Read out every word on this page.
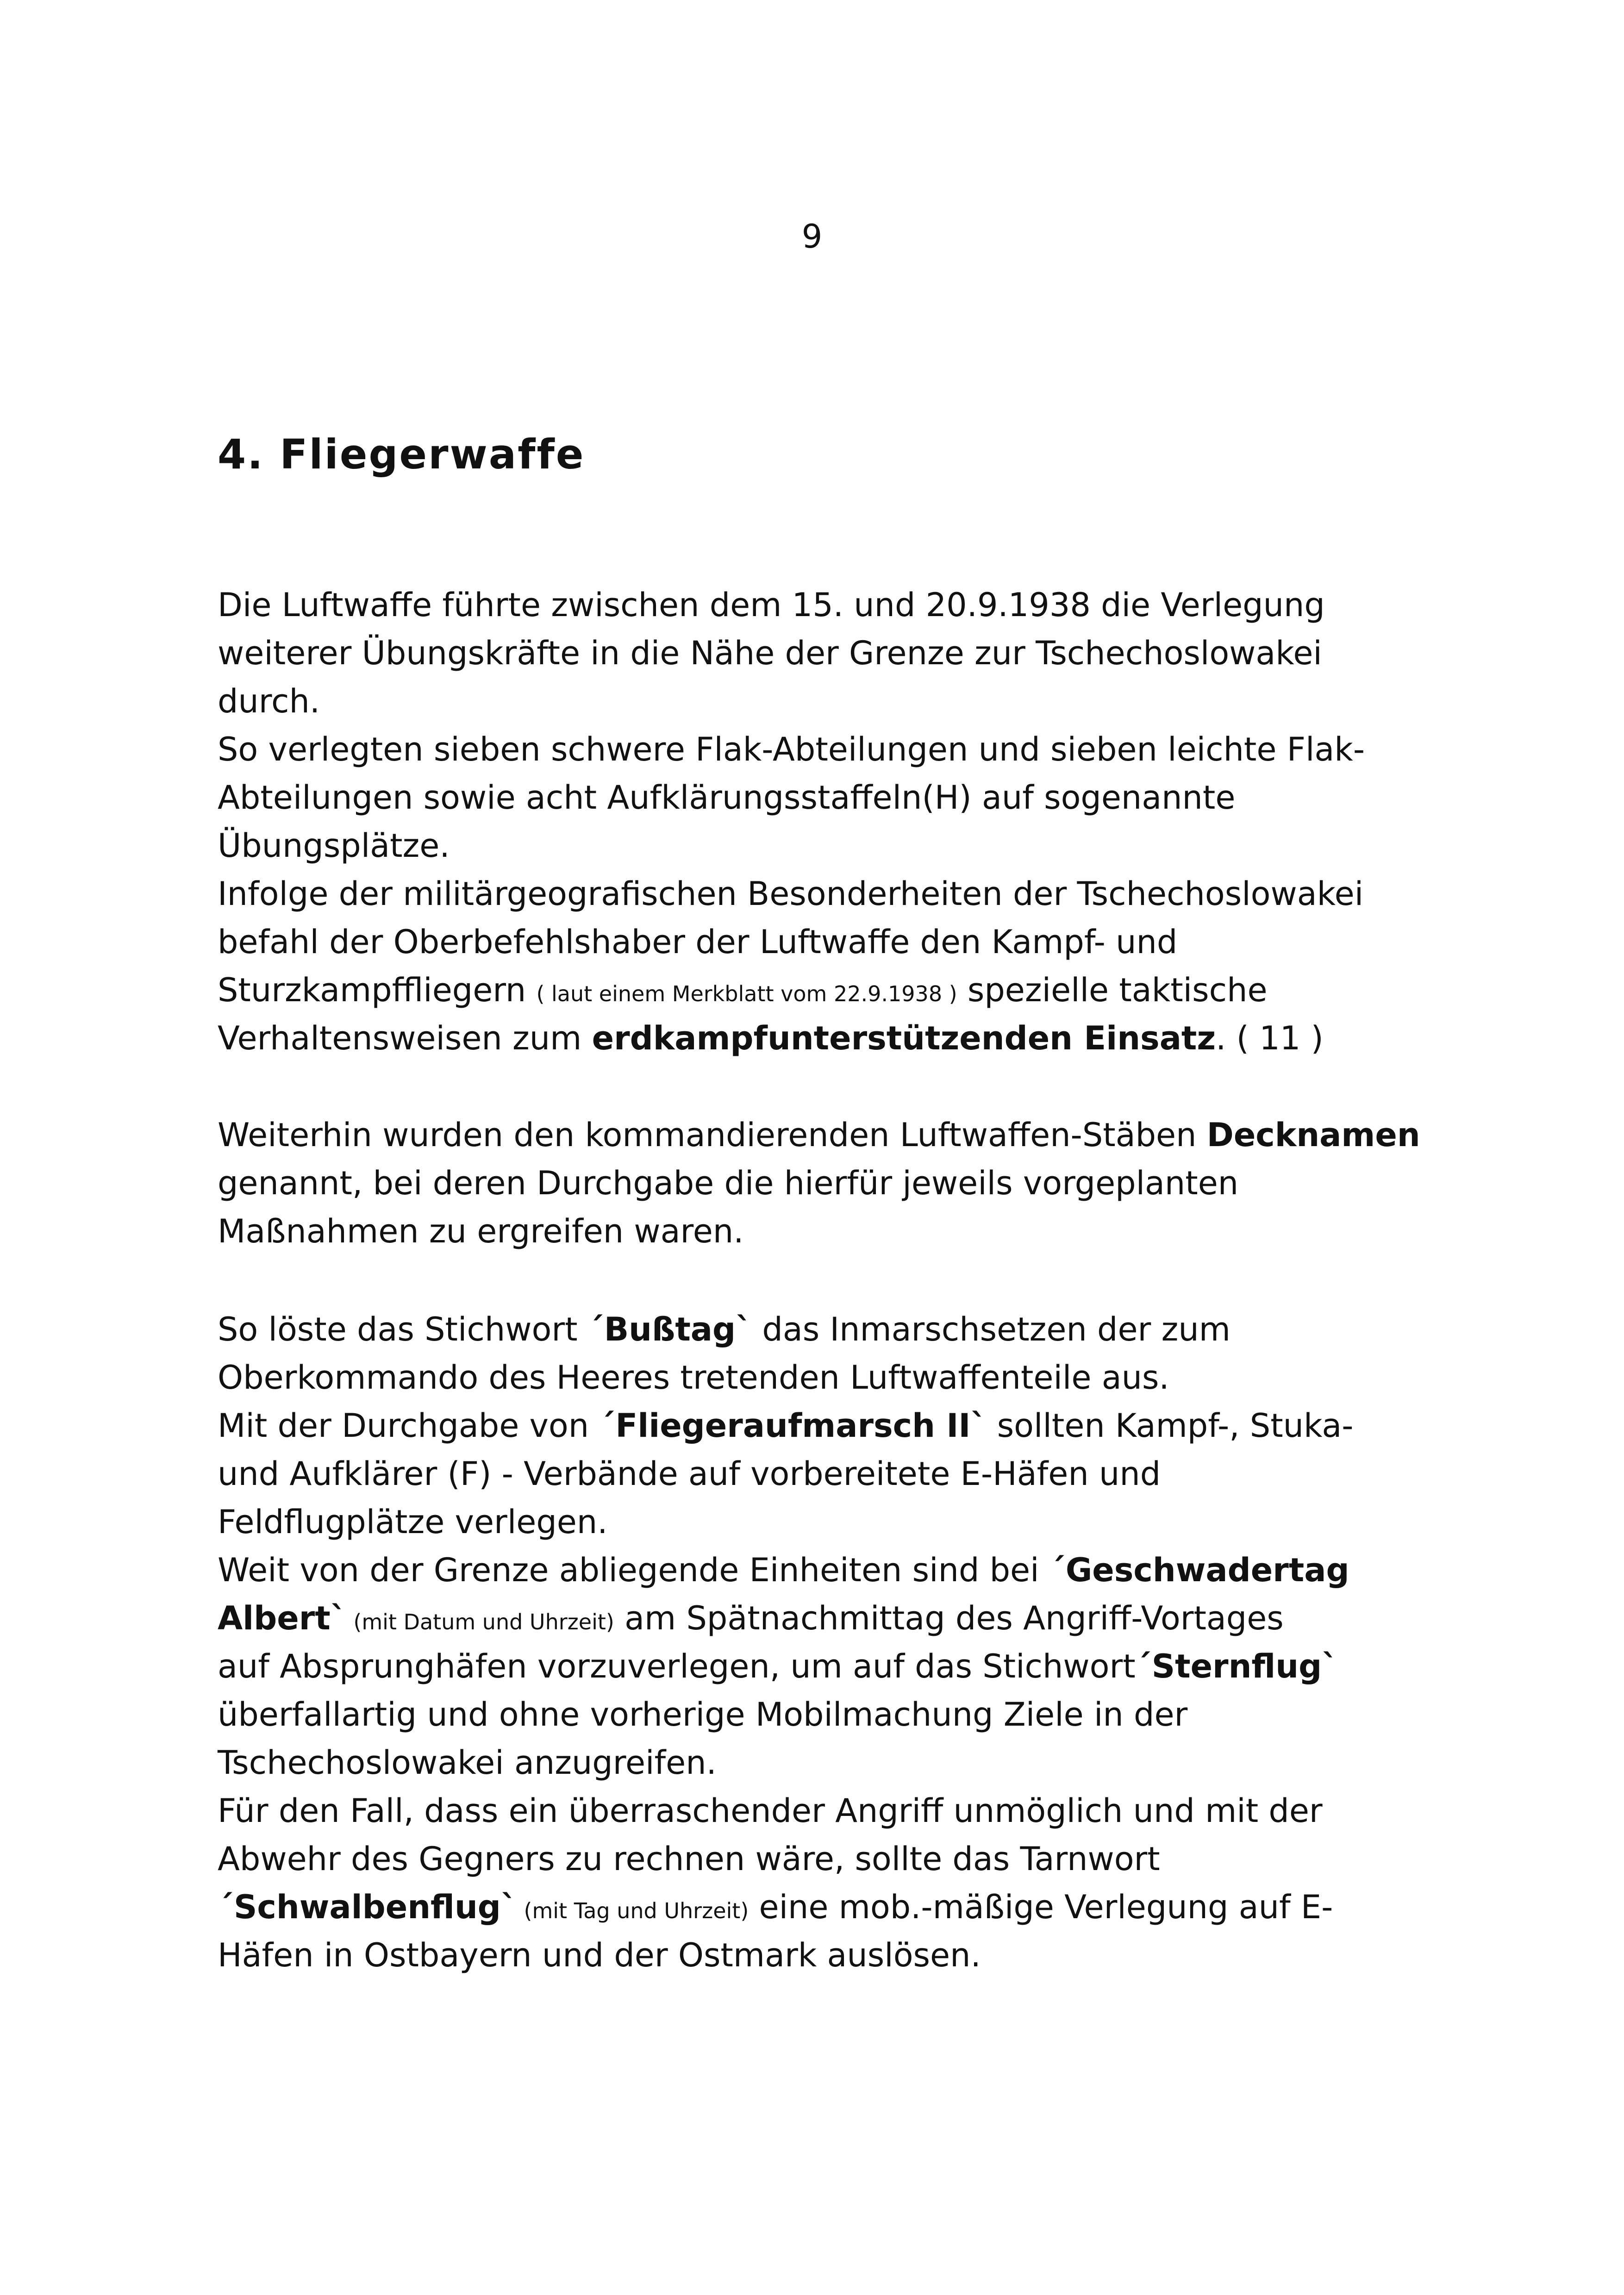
9
4. Fliegerwaffe
Die Luftwaffe führte zwischen dem 15. und 20.9.1938 die Verlegung
weiterer Übungskräfte in die Nähe der Grenze zur Tschechoslowakei
durch.
So verlegten sieben schwere Flak-Abteilungen und sieben leichte Flak-
Abteilungen sowie acht Aufklärungsstaffeln(H) auf sogenannte
Übungsplätze.
Infolge der militärgeografischen Besonderheiten der Tschechoslowakei
befahl der Oberbefehlshaber der Luftwaffe den Kampf- und
Sturzkampffliegern ( laut einem Merkblatt vom 22.9.1938 ) spezielle taktische
Verhaltensweisen zum erdkampfunterstützenden Einsatz. ( 11 )
Weiterhin wurden den kommandierenden Luftwaffen-Stäben Decknamen
genannt, bei deren Durchgabe die hierfür jeweils vorgeplanten
Maßnahmen zu ergreifen waren.
So löste das Stichwort ´Bußtag` das Inmarschsetzen der zum
Oberkommando des Heeres tretenden Luftwaffenteile aus.
Mit der Durchgabe von ´Fliegeraufmarsch II` sollten Kampf-, Stuka-
und Aufklärer (F) - Verbände auf vorbereitete E-Häfen und
Feldflugplätze verlegen.
Weit von der Grenze abliegende Einheiten sind bei ´Geschwadertag
Albert` (mit Datum und Uhrzeit) am Spätnachmittag des Angriff-Vortages
auf Absprunghäfen vorzuverlegen, um auf das Stichwort´Sternflug`
überfallartig und ohne vorherige Mobilmachung Ziele in der
Tschechoslowakei anzugreifen.
Für den Fall, dass ein überraschender Angriff unmöglich und mit der
Abwehr des Gegners zu rechnen wäre, sollte das Tarnwort
´Schwalbenflug` (mit Tag und Uhrzeit) eine mob.-mäßige Verlegung auf E-
Häfen in Ostbayern und der Ostmark auslösen.
